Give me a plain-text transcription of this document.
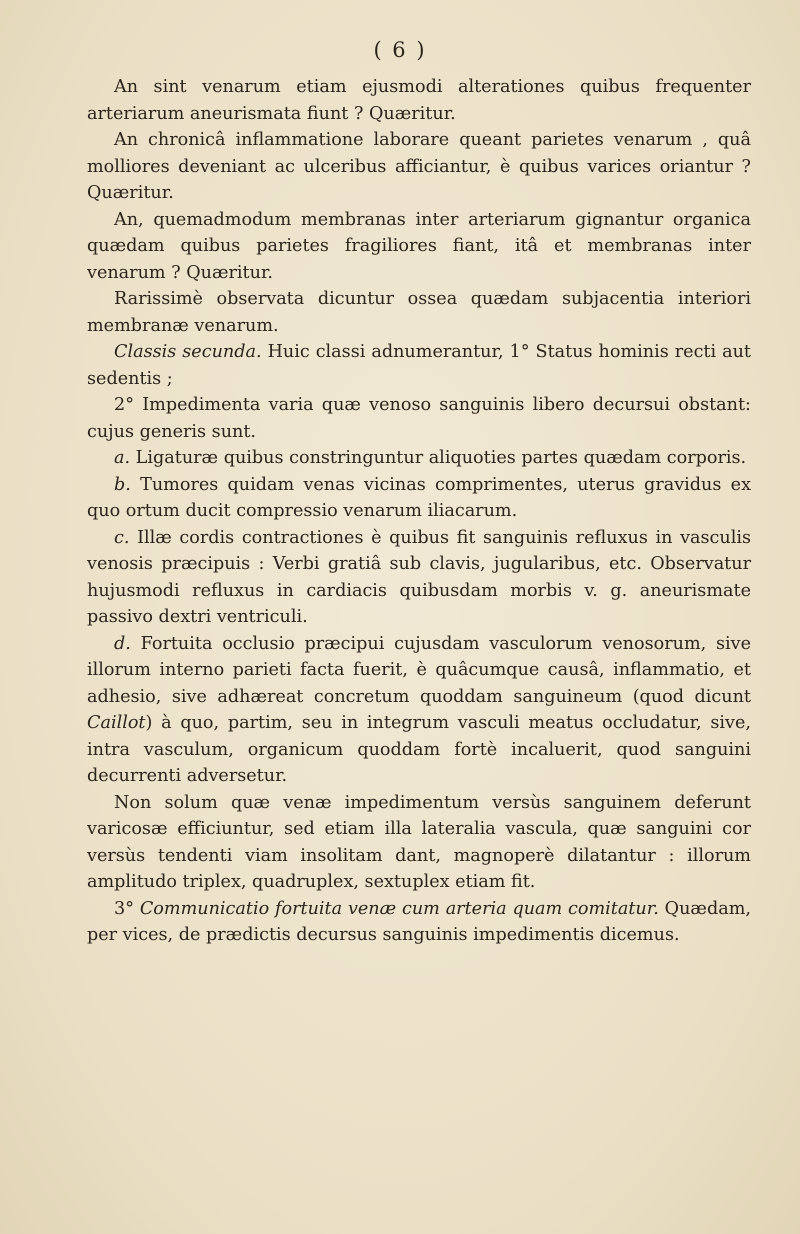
( 6 )

An sint venarum etiam ejusmodi alterationes quibus frequenter arteriarum aneurismata fiunt ? Quæritur.

An chronicâ inflammatione laborare queant parietes venarum , quâ molliores deveniant ac ulceribus afficiantur, è quibus varices oriantur ? Quæritur.

An, quemadmodum membranas inter arteriarum gignantur organica quædam quibus parietes fragiliores fiant, itâ et membranas inter venarum ? Quæritur.

Rarissimè observata dicuntur ossea quædam subjacentia interiori membranæ venarum.

Classis secunda. Huic classi adnumerantur, 1° Status hominis recti aut sedentis ;

2° Impedimenta varia quæ venoso sanguinis libero decursui obstant: cujus generis sunt.

a. Ligaturæ quibus constringuntur aliquoties partes quædam corporis.

b. Tumores quidam venas vicinas comprimentes, uterus gravidus ex quo ortum ducit compressio venarum iliacarum.

c. Illæ cordis contractiones è quibus fit sanguinis refluxus in vasculis venosis præcipuis : Verbi gratiâ sub clavis, jugularibus, etc. Observatur hujusmodi refluxus in cardiacis quibusdam morbis v. g. aneurismate passivo dextri ventriculi.

d. Fortuita occlusio præcipui cujusdam vasculorum venosorum, sive illorum interno parieti facta fuerit, è quâcumque causâ, inflammatio, et adhesio, sive adhæreat concretum quoddam sanguineum (quod dicunt Caillot) à quo, partim, seu in integrum vasculi meatus occludatur, sive, intra vasculum, organicum quoddam fortè incaluerit, quod sanguini decurrenti adversetur.

Non solum quæ venæ impedimentum versùs sanguinem deferunt varicosæ efficiuntur, sed etiam illa lateralia vascula, quæ sanguini cor versùs tendenti viam insolitam dant, magnoperè dilatantur : illorum amplitudo triplex, quadruplex, sextuplex etiam fit.

3° Communicatio fortuita venæ cum arteria quam comitatur. Quædam, per vices, de prædictis decursus sanguinis impedimentis dicemus.
